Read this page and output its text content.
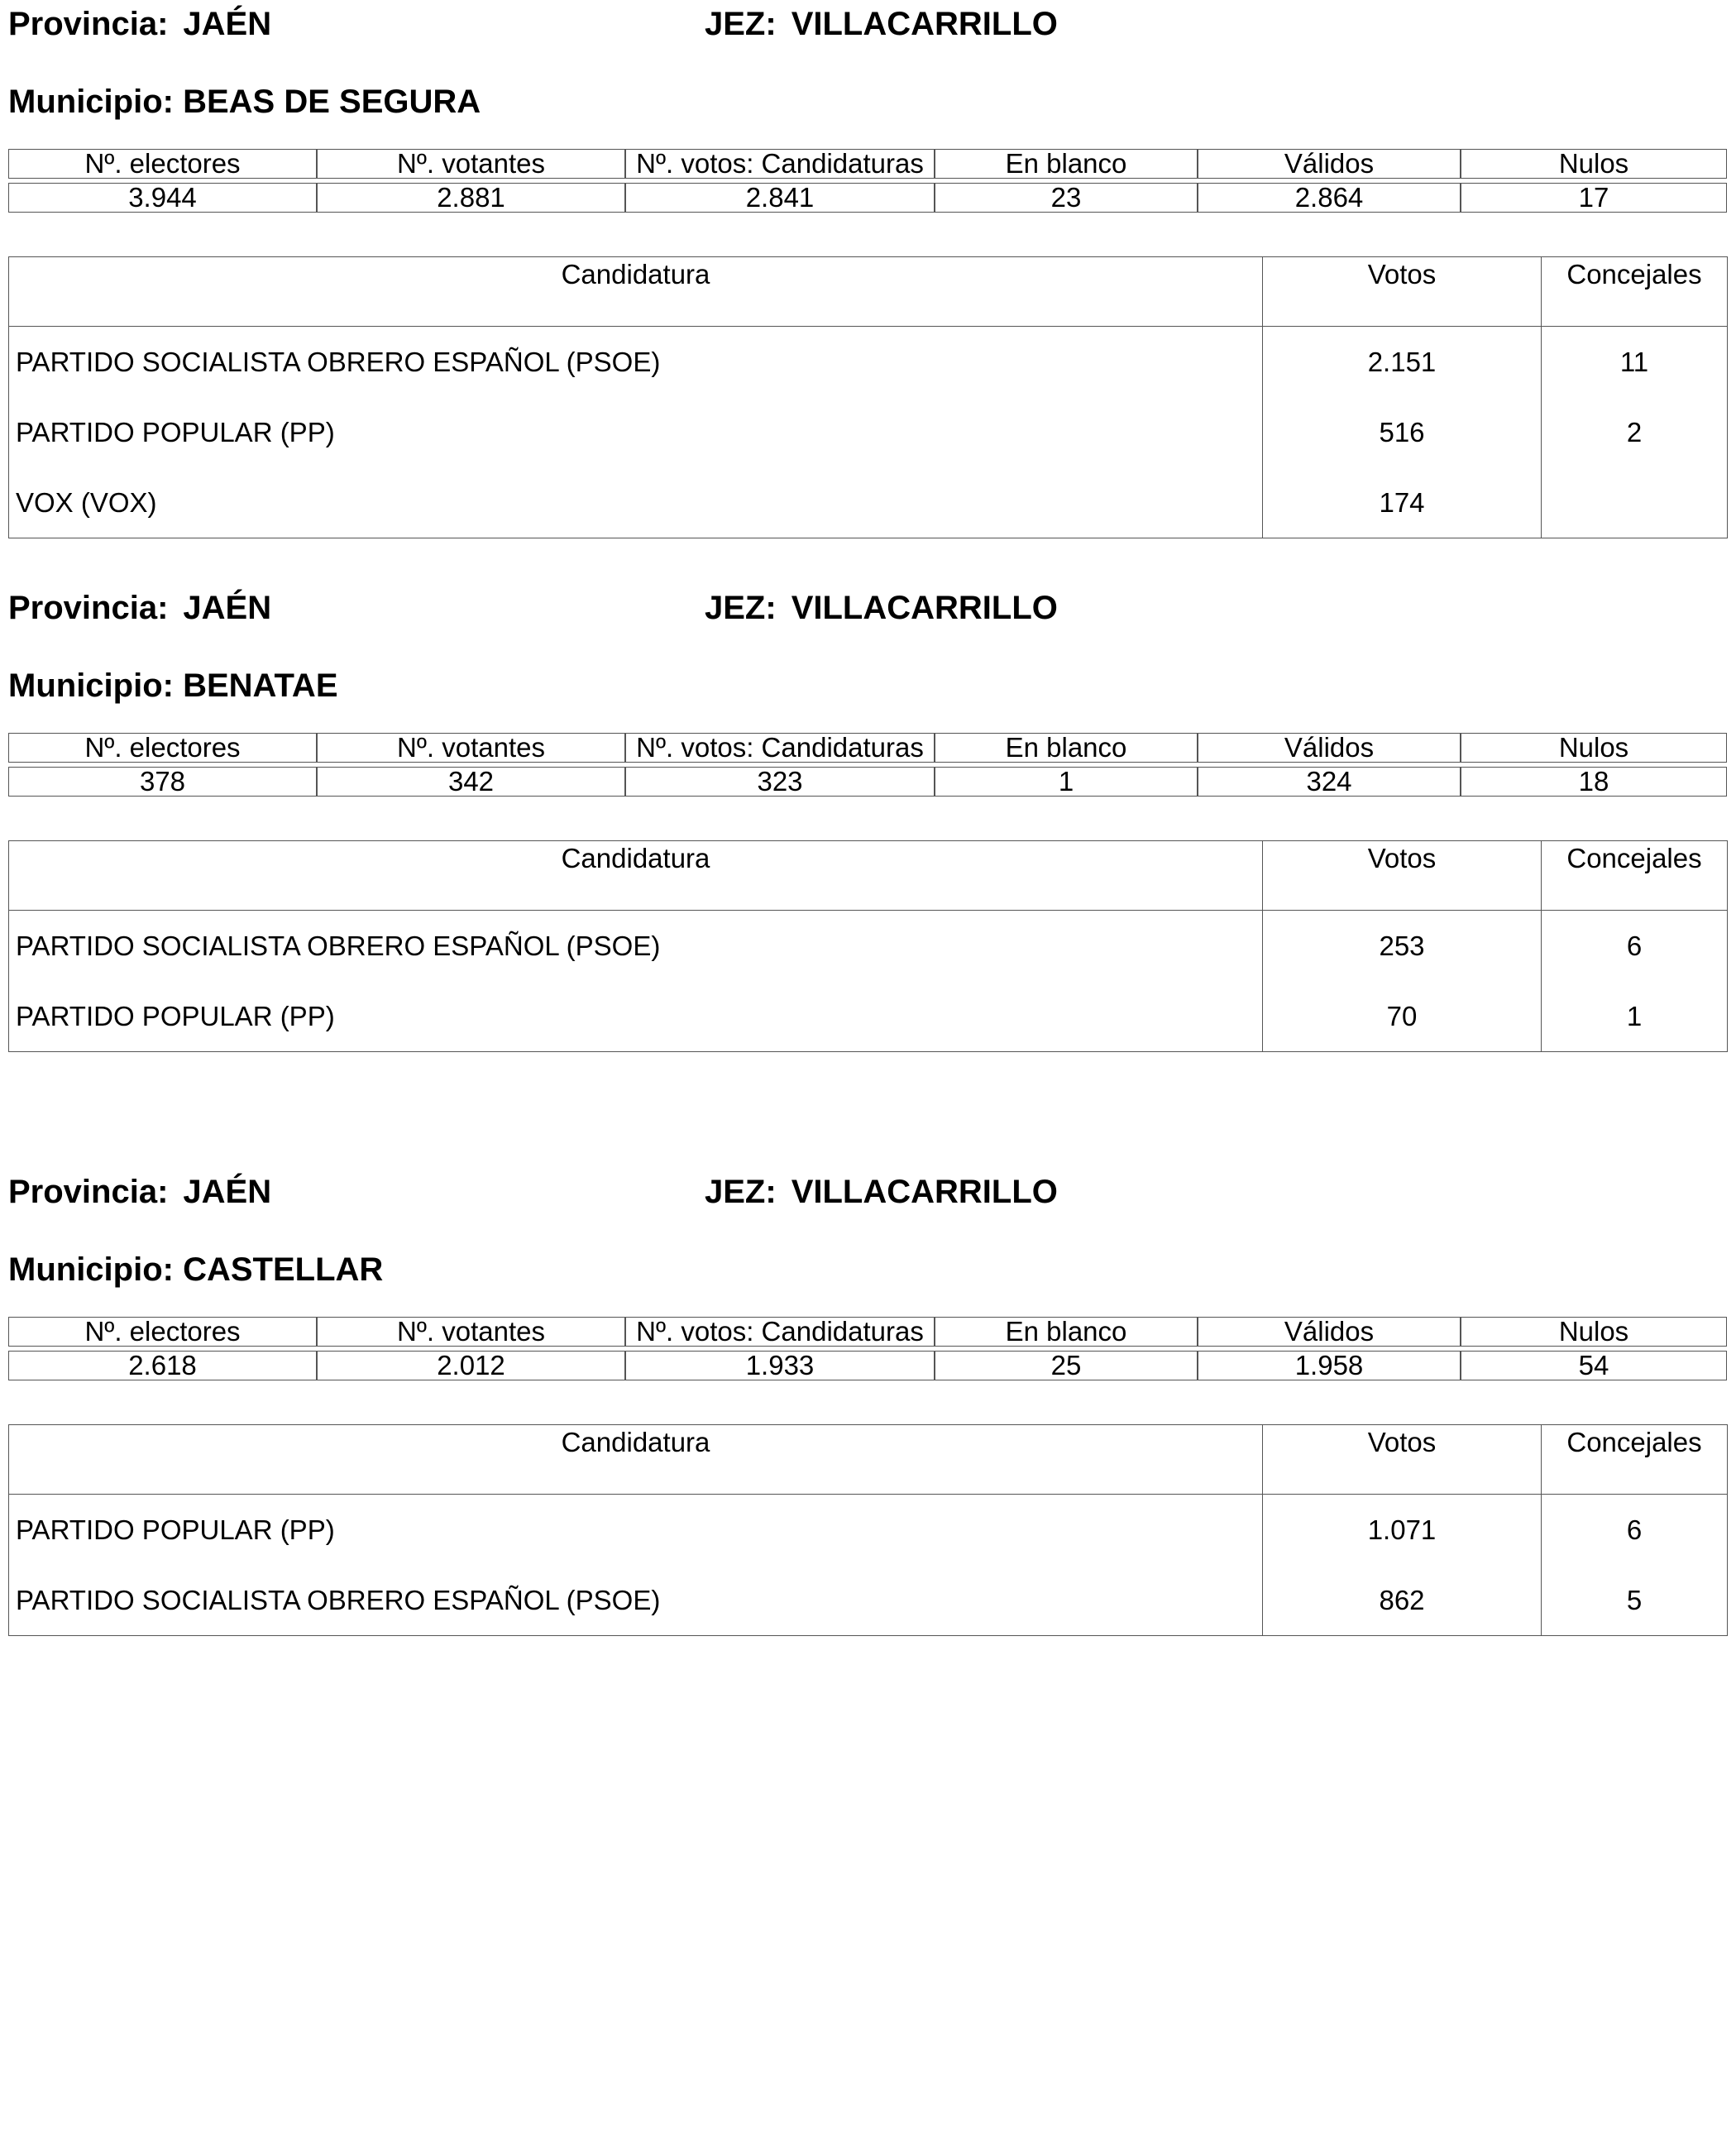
Provincia: JAÉN	JEZ: VILLACARRILLO
Municipio: BEAS DE SEGURA
Nº. electores	Nº. votantes	Nº. votos: Candidaturas	En blanco	Válidos	Nulos

3.944	2.881	2.841	23	2.864	17
Candidatura	Votos	Concejales
PARTIDO SOCIALISTA OBRERO ESPAÑOL (PSOE)	2.151	11
PARTIDO POPULAR (PP)	516	2
VOX (VOX)	174	
Provincia: JAÉN	JEZ: VILLACARRILLO
Municipio: BENATAE
Nº. electores	Nº. votantes	Nº. votos: Candidaturas	En blanco	Válidos	Nulos

378	342	323	1	324	18
Candidatura	Votos	Concejales
PARTIDO SOCIALISTA OBRERO ESPAÑOL (PSOE)	253	6
PARTIDO POPULAR (PP)	70	1
Provincia: JAÉN	JEZ: VILLACARRILLO
Municipio: CASTELLAR
Nº. electores	Nº. votantes	Nº. votos: Candidaturas	En blanco	Válidos	Nulos

2.618	2.012	1.933	25	1.958	54
Candidatura	Votos	Concejales
PARTIDO POPULAR (PP)	1.071	6
PARTIDO SOCIALISTA OBRERO ESPAÑOL (PSOE)	862	5
